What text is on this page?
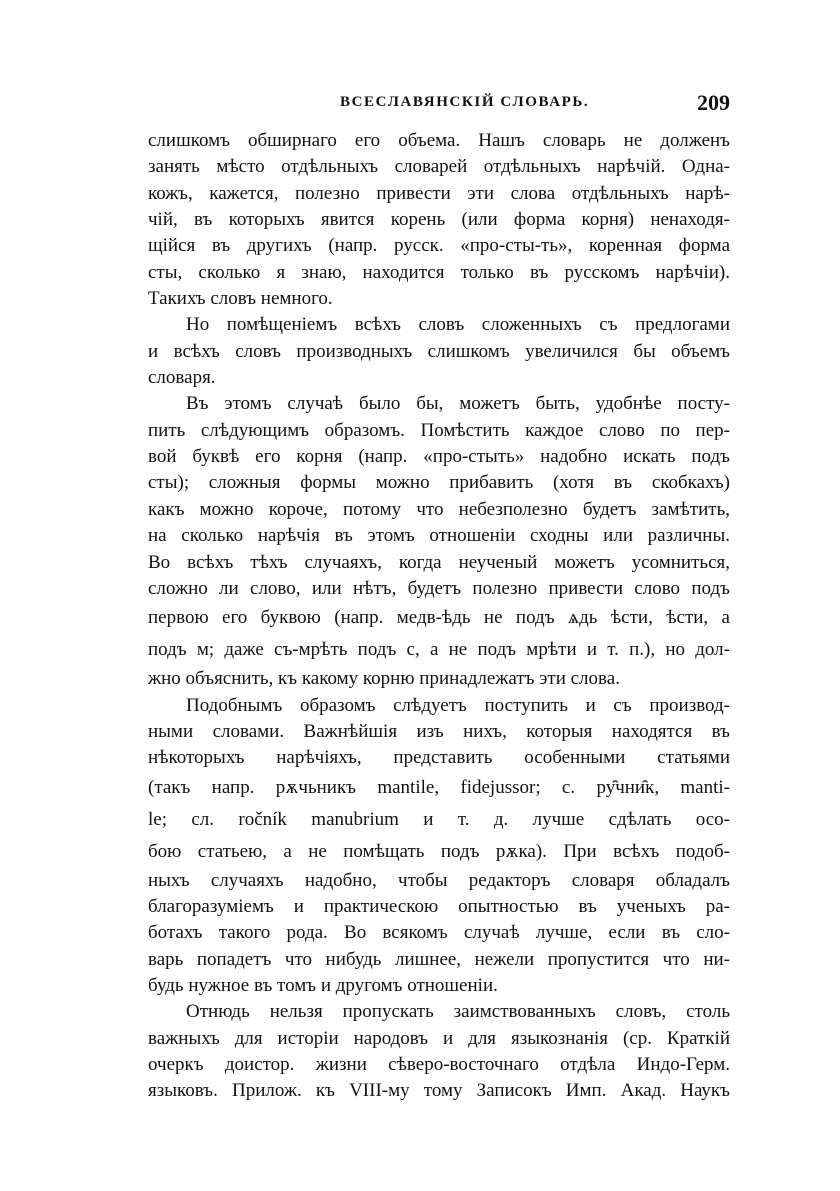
ВСЕСЛАВЯНСКІЙ СЛОВАРЬ.	209
слишкомъ обширнаго его объема. Нашъ словарь не долженъ
занять мѣсто отдѣльныхъ словарей отдѣльныхъ нарѣчій. Одна-
кожъ, кажется, полезно привести эти слова отдѣльныхъ нарѣ-
чій, въ которыхъ явится корень (или форма корня) ненаходя-
щійся въ другихъ (напр. русск. «про-сты-ть», коренная форма
сты, сколько я знаю, находится только въ русскомъ нарѣчіи).
Такихъ словъ немного.
Но помѣщеніемъ всѣхъ словъ сложенныхъ съ предлогами
и всѣхъ словъ производныхъ слишкомъ увеличился бы объемъ
словаря.
Въ этомъ случаѣ было бы, можетъ быть, удобнѣе посту-
пить слѣдующимъ образомъ. Помѣстить каждое слово по пер-
вой буквѣ его корня (напр. «про-стыть» надобно искать подъ
сты); сложныя формы можно прибавить (хотя въ скобкахъ)
какъ можно короче, потому что небезполезно будетъ замѣтить,
на сколько нарѣчія въ этомъ отношеніи сходны или различны.
Во всѣхъ тѣхъ случаяхъ, когда неученый можетъ усомниться,
сложно ли слово, или нѣтъ, будетъ полезно привести слово подъ
первою его буквою (напр. медв-ѣдь не подъ ѧдь ѣсти, ѣсти, а
подъ м; даже съ-мрѣть подъ с, а не подъ мрѣти и т. п.), но дол-
жно объяснить, къ какому корню принадлежатъ эти слова.
Подобнымъ образомъ слѣдуетъ поступить и съ производ-
ными словами. Важнѣйшія изъ нихъ, которыя находятся въ
нѣкоторыхъ нарѣчіяхъ, представить особенными статьями
(такъ напр. рѫчьникъ mantile, fidejussor; с. ру̑чни̑к, manti-
le; сл. ročník manubrium и т. д. лучше сдѣлать осо-
бою статьею, а не помѣщать подъ рѫка). При всѣхъ подоб-
ныхъ случаяхъ надобно, чтобы редакторъ словаря обладалъ
благоразуміемъ и практическою опытностью въ ученыхъ ра-
ботахъ такого рода. Во всякомъ случаѣ лучше, если въ сло-
варь попадетъ что нибудь лишнее, нежели пропустится что ни-
будь нужное въ томъ и другомъ отношеніи.
Отнюдь нельзя пропускать заимствованныхъ словъ, столь
важныхъ для исторіи народовъ и для языкознанія (ср. Краткій
очеркъ доистор. жизни сѣверо-восточнаго отдѣла Индо-Герм.
языковъ. Прилож. къ VIII-му тому Записокъ Имп. Акад. Наукъ
